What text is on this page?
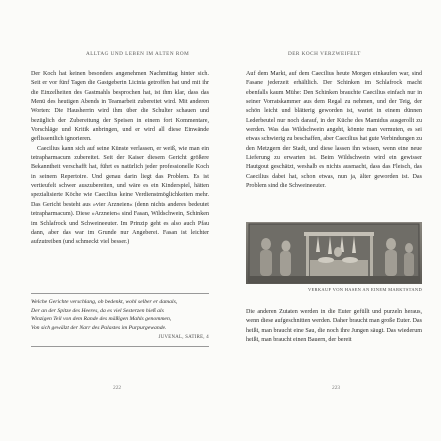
ALLTAG UND LEBEN IM ALTEN ROM
222

Der Koch hat keinen besonders angenehmen Nachmittag hinter sich. Seit er vor fünf Tagen die Gastgeberin Licinia getroffen hat und mit ihr die Einzelheiten des Gastmahls besprochen hat, ist ihm klar, dass das Menü des heutigen Abends in Teamarbeit zubereitet wird. Mit anderen Worten: Die Hausherrin wird ihm über die Schulter schauen und bezüglich der Zubereitung der Speisen in einem fort Kommentare, Vorschläge und Kritik anbringen, und er wird all diese Einwände geflissentlich ignorieren.

Caecilius kann sich auf seine Künste verlassen, er weiß, wie man ein tetrapharmacum zubereitet. Seit der Kaiser diesem Gericht größere Bekanntheit verschafft hat, führt es natürlich jeder professionelle Koch in seinem Repertoire. Und genau darin liegt das Problem. Es ist vertieufelt schwer auszubereiten, und wäre es ein Kinderspiel, hätten spezialisierte Köche wie Caecilius keine Verdienstmöglichkeiten mehr. Das Gericht besteht aus »vier Arzneien« (denn nichts anderes bedeutet tetrapharmacum). Diese »Arzneien« sind Fasan, Wildschwein, Schinken im Schlafrock und Schweineeuter. Im Prinzip geht es also auch Pfau dann, aber das war im Grunde nur Angeberei. Fasan ist leichter aufzutreiben (und schmeckt viel besser.)

Welche Gerichte verschlang, ob bedenkt, wohl selber er damals,
Der an der Spitze des Heeres, da es viel Sesterzen hieß als
Winzigen Teil von dem Rande des mäßigen Mahls genommen,
Von sich gewälzt der Narr des Palastes im Purpurgewande.
JUVENAL, SATIRE, 4
DER KOCH VERZWEIFELT
223

Auf dem Markt, auf dem Caecilius heute Morgen einkaufen war, sind Fasane jederzeit erhältlich. Der Schinken im Schlafrock macht ebenfalls kaum Mühe: Den Schinken brauchte Caecilius einfach nur in seiner Vorratskammer aus dem Regal zu nehmen, und der Teig, der schön leicht und blätterig geworden ist, wartet in einem dünnen Lederbeutel nur noch darauf, in der Küche des Mamidus ausgerollt zu werden. Was das Wildschwein angeht, könnte man vermuten, es sei etwas schwierig zu beschaffen, aber Caecilius hat gute Verbindungen zu den Metzgern der Stadt, und diese lassen ihn wissen, wenn eine neue Lieferung zu erwarten ist. Beim Wildschwein wird ein gewisser Hautgout geschätzt, weshalb es nichts ausmacht, dass das Fleisch, das Caecilius dabei hat, schon etwas, nun ja, älter geworden ist. Das Problem sind die Schweineeuter.

VERKAUF VON HASEN AN EINEM MARKTSTAND

Die anderen Zutaten werden in die Euter gefüllt und purzeln heraus, wenn diese aufgeschnitten werden. Daher braucht man große Euter. Das heißt, man braucht eine Sau, die noch ihre Jungen säugt. Das wiederum heißt, man braucht einen Bauern, der bereit
